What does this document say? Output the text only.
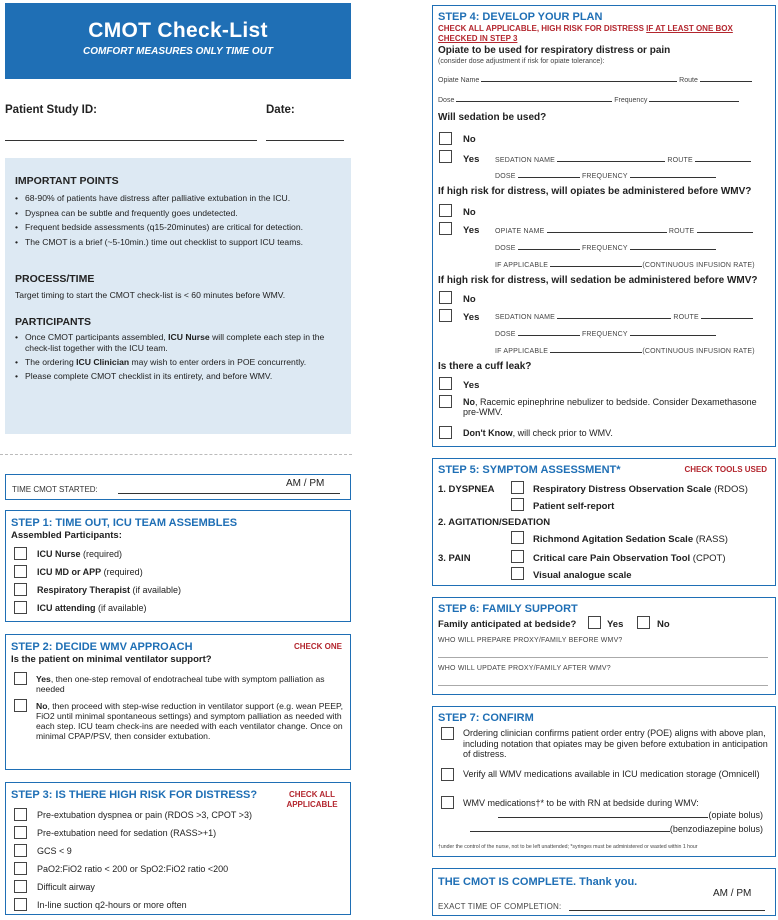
CMOT Check-List
COMFORT MEASURES ONLY TIME OUT
Patient Study ID:	Date:
IMPORTANT POINTS
• 68-90% of patients have distress after palliative extubation in the ICU.
• Dyspnea can be subtle and frequently goes undetected.
• Frequent bedside assessments (q15-20minutes) are critical for detection.
• The CMOT is a brief (~5-10min.) time out checklist to support ICU teams.
PROCESS/TIME
Target timing to start the CMOT check-list is < 60 minutes before WMV.
PARTICIPANTS
• Once CMOT participants assembled, ICU Nurse will complete each step in the check-list together with the ICU team.
• The ordering ICU Clinician may wish to enter orders in POE concurrently.
• Please complete CMOT checklist in its entirety, and before WMV.
TIME CMOT STARTED:
AM / PM
STEP 1: TIME OUT, ICU TEAM ASSEMBLES
Assembled Participants:
ICU Nurse (required)
ICU MD or APP (required)
Respiratory Therapist (if available)
ICU attending (if available)
STEP 2: DECIDE WMV APPROACH	CHECK ONE
Is the patient on minimal ventilator support?
Yes, then one-step removal of endotracheal tube with symptom palliation as needed
No, then proceed with step-wise reduction in ventilator support (e.g. wean PEEP, FiO2 until minimal spontaneous settings) and symptom palliation as needed with each step. ICU team check-ins are needed with each ventilator change. Once on minimal CPAP/PSV, then consider extubation.
STEP 3: IS THERE HIGH RISK FOR DISTRESS?	CHECK ALL APPLICABLE
Pre-extubation dyspnea or pain (RDOS >3, CPOT >3)
Pre-extubation need for sedation (RASS>+1)
GCS < 9
PaO2:FiO2 ratio < 200 or SpO2:FiO2 ratio <200
Difficult airway
In-line suction q2-hours or more often
STEP 4: DEVELOP YOUR PLAN
CHECK ALL APPLICABLE, HIGH RISK FOR DISTRESS IF AT LEAST ONE BOX CHECKED IN STEP 3
Opiate to be used for respiratory distress or pain
(consider dose adjustment if risk for opiate tolerance):
Opiate Name	Route
Dose	Frequency
Will sedation be used?
No
Yes SEDATION NAME	ROUTE
DOSE	FREQUENCY
If high risk for distress, will opiates be administered before WMV?
No
Yes OPIATE NAME	ROUTE
DOSE	FREQUENCY
IF APPLICABLE	(CONTINUOUS INFUSION RATE)
If high risk for distress, will sedation be administered before WMV?
No
Yes SEDATION NAME	ROUTE
DOSE	FREQUENCY
IF APPLICABLE	(CONTINUOUS INFUSION RATE)
Is there a cuff leak?
Yes
No, Racemic epinephrine nebulizer to bedside. Consider Dexamethasone pre-WMV.
Don't Know, will check prior to WMV.
STEP 5: SYMPTOM ASSESSMENT*	CHECK TOOLS USED
1. DYSPNEA	Respiratory Distress Observation Scale (RDOS)
Patient self-report
2. AGITATION/SEDATION
Richmond Agitation Sedation Scale (RASS)
3. PAIN	Critical care Pain Observation Tool (CPOT)
Visual analogue scale
STEP 6: FAMILY SUPPORT
Family anticipated at bedside?	Yes	No
WHO WILL PREPARE PROXY/FAMILY BEFORE WMV?
WHO WILL UPDATE PROXY/FAMILY AFTER WMV?
STEP 7: CONFIRM
Ordering clinician confirms patient order entry (POE) aligns with above plan, including notation that opiates may be given before extubation in anticipation of distress.
Verify all WMV medications available in ICU medication storage (Omnicell)
WMV medications†* to be with RN at bedside during WMV:
(opiate bolus)
(benzodiazepine bolus)
†under the control of the nurse, not to be left unattended; *syringes must be administered or wasted within 1 hour
THE CMOT IS COMPLETE. Thank you.
AM / PM
EXACT TIME OF COMPLETION:
